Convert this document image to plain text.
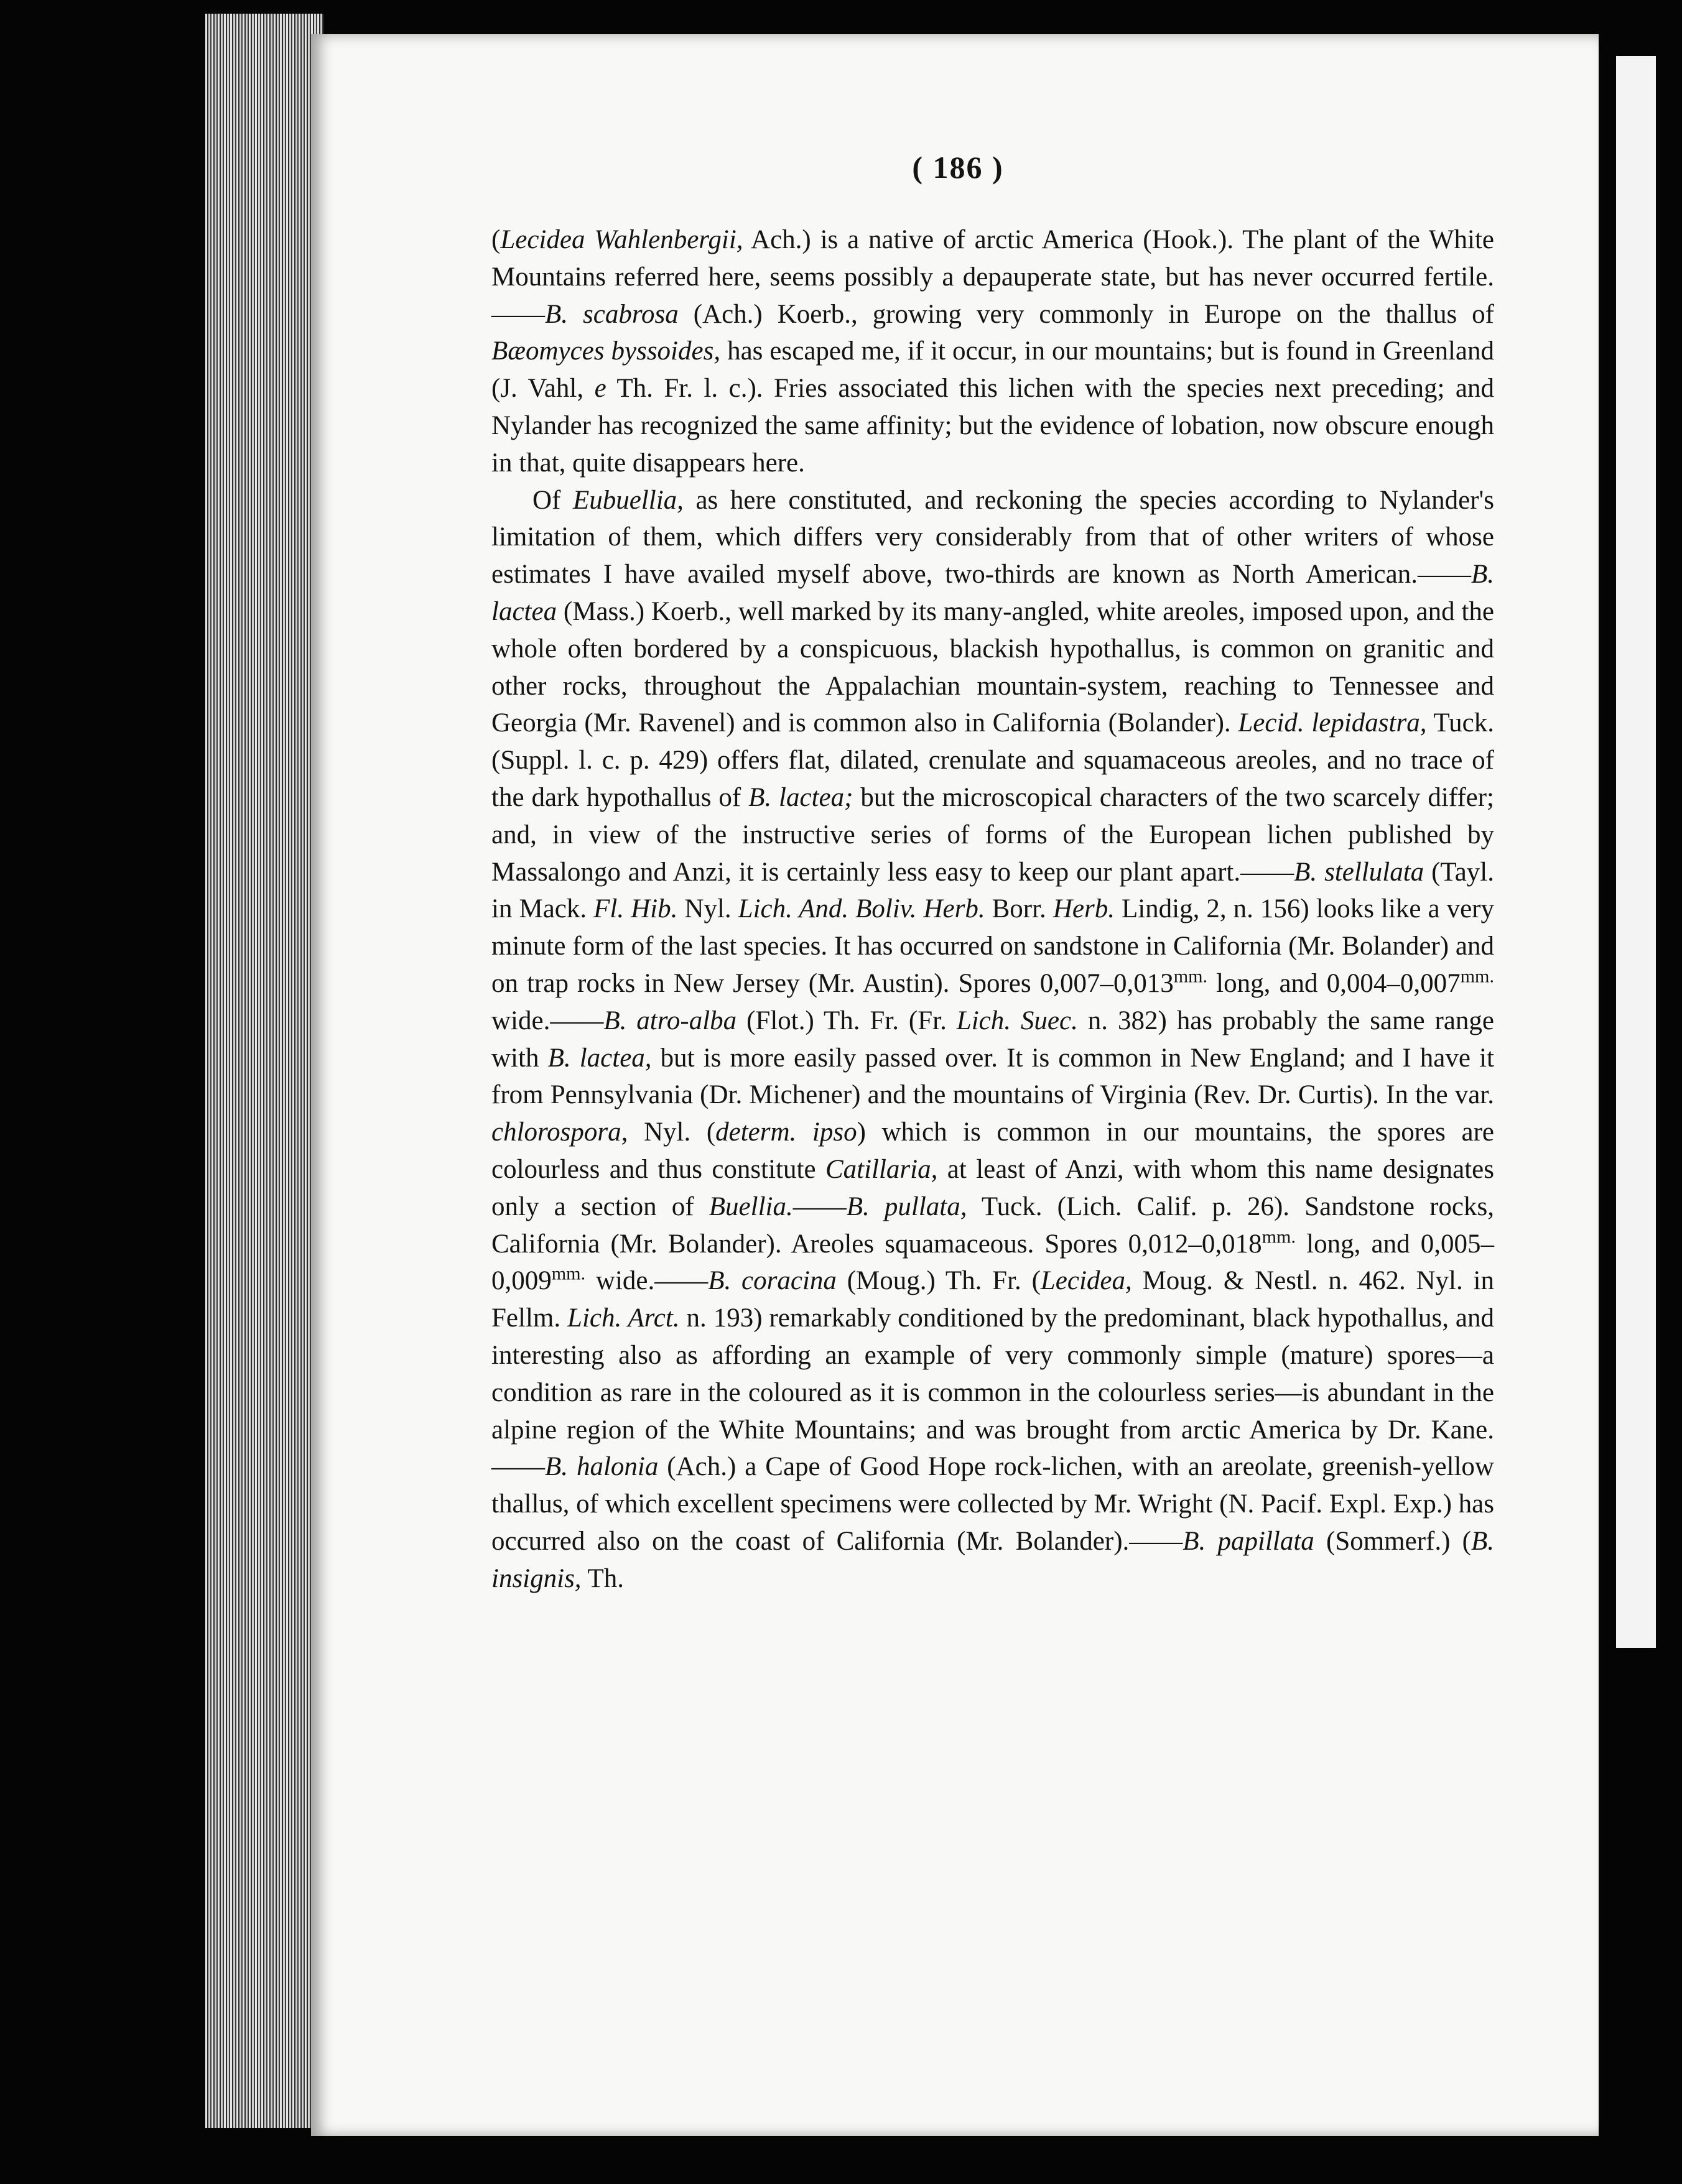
( 186 )

(Lecidea Wahlenbergii, Ach.) is a native of arctic America (Hook.). The plant of the White Mountains referred here, seems possibly a depauperate state, but has never occurred fertile.——B. scabrosa (Ach.) Koerb., growing very commonly in Europe on the thallus of Bæomyces byssoides, has escaped me, if it occur, in our mountains; but is found in Greenland (J. Vahl, e Th. Fr. l. c.). Fries associated this lichen with the species next preceding; and Nylander has recognized the same affinity; but the evidence of lobation, now obscure enough in that, quite disappears here.

Of Eubuellia, as here constituted, and reckoning the species according to Nylander's limitation of them, which differs very considerably from that of other writers of whose estimates I have availed myself above, two-thirds are known as North American.——B. lactea (Mass.) Koerb., well marked by its many-angled, white areoles, imposed upon, and the whole often bordered by a conspicuous, blackish hypothallus, is common on granitic and other rocks, throughout the Appalachian mountain-system, reaching to Tennessee and Georgia (Mr. Ravenel) and is common also in California (Bolander). Lecid. lepidastra, Tuck. (Suppl. l. c. p. 429) offers flat, dilated, crenulate and squamaceous areoles, and no trace of the dark hypothallus of B. lactea; but the microscopical characters of the two scarcely differ; and, in view of the instructive series of forms of the European lichen published by Massalongo and Anzi, it is certainly less easy to keep our plant apart.——B. stellulata (Tayl. in Mack. Fl. Hib. Nyl. Lich. And. Boliv. Herb. Borr. Herb. Lindig, 2, n. 156) looks like a very minute form of the last species. It has occurred on sandstone in California (Mr. Bolander) and on trap rocks in New Jersey (Mr. Austin). Spores $0,007-0,013^{mm.}$ long, and $0,004-0,007^{mm.}$ wide.——B. atro-alba (Flot.) Th. Fr. (Fr. Lich. Suec. n. 382) has probably the same range with B. lactea, but is more easily passed over. It is common in New England; and I have it from Pennsylvania (Dr. Michener) and the mountains of Virginia (Rev. Dr. Curtis). In the var. chlorospora, Nyl. (determ. ipso) which is common in our mountains, the spores are colourless and thus constitute Catillaria, at least of Anzi, with whom this name designates only a section of Buellia.——B. pullata, Tuck. (Lich. Calif. p. 26). Sandstone rocks, California (Mr. Bolander). Areoles squamaceous. Spores $0,012-0,018^{mm.}$ long, and $0,005-0,009^{mm.}$ wide.——B. coracina (Moug.) Th. Fr. (Lecidea, Moug. & Nestl. n. 462. Nyl. in Fellm. Lich. Arct. n. 193) remarkably conditioned by the predominant, black hypothallus, and interesting also as affording an example of very commonly simple (mature) spores—a condition as rare in the coloured as it is common in the colourless series—is abundant in the alpine region of the White Mountains; and was brought from arctic America by Dr. Kane. ——B. halonia (Ach.) a Cape of Good Hope rock-lichen, with an areolate, greenish-yellow thallus, of which excellent specimens were collected by Mr. Wright (N. Pacif. Expl. Exp.) has occurred also on the coast of California (Mr. Bolander).——B. papillata (Sommerf.) (B. insignis, Th.
